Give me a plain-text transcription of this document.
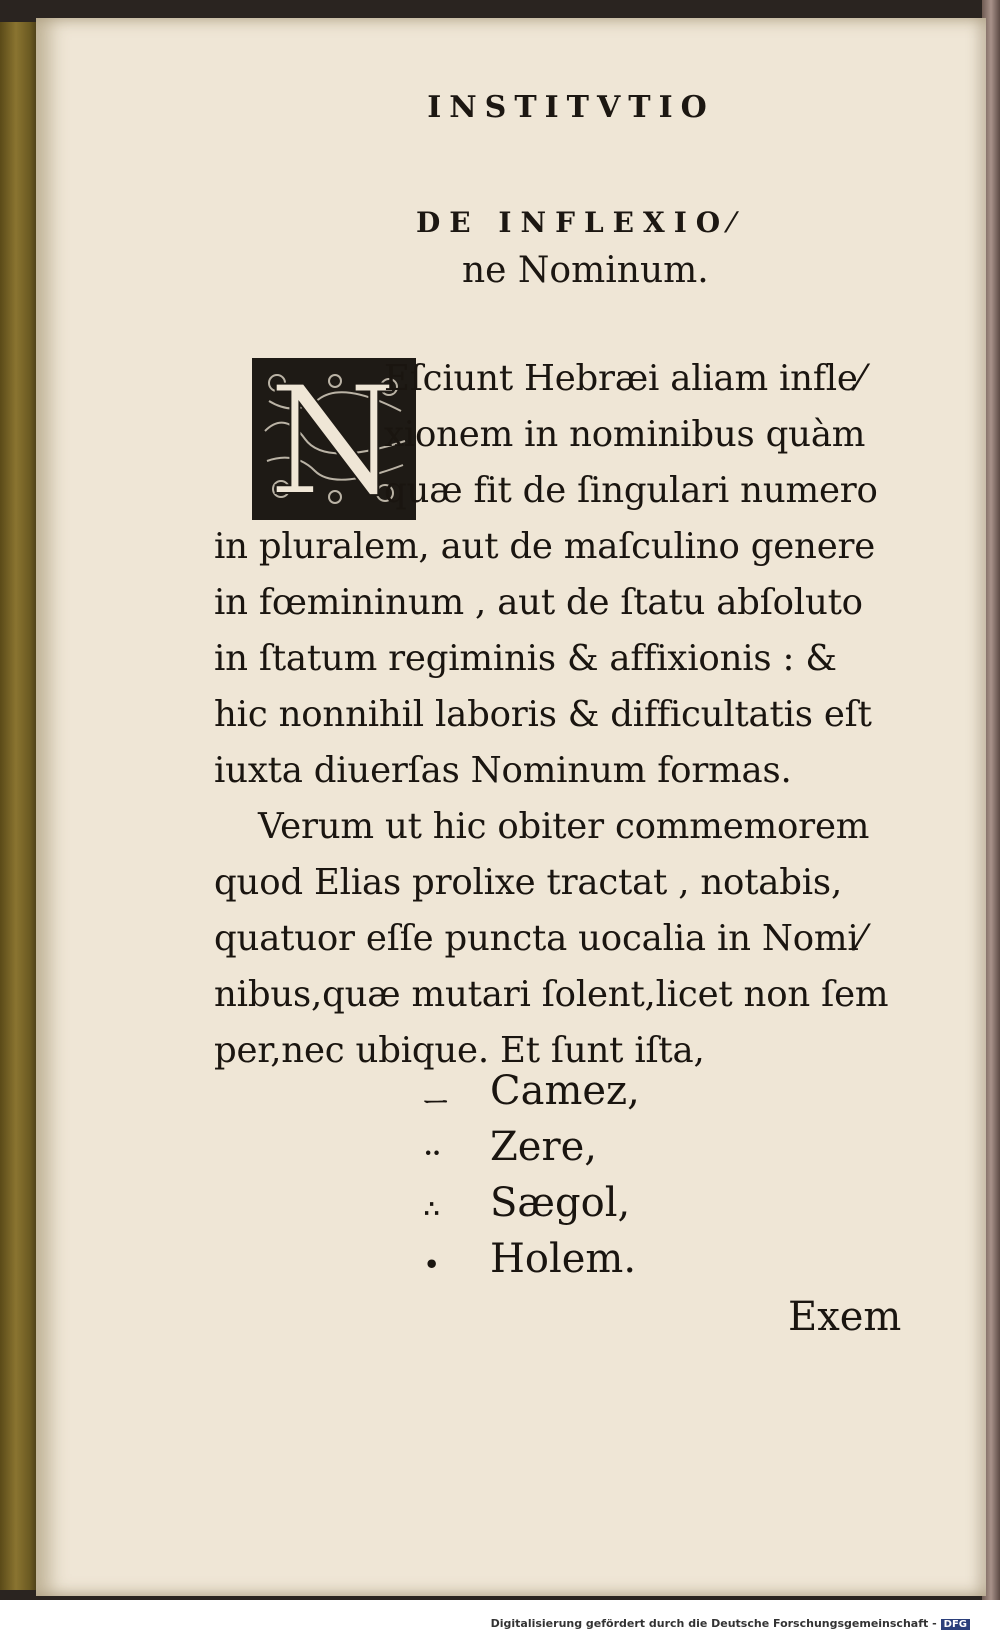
INSTITVTIO
DE INFLEXIO⁄
ne Nominum.
N
Eſciunt Hebræi aliam infle⁄
xionem in nominibus quàm
quæ fit de ſingulari numero
in pluralem, aut de maſculino genere
in fœmininum , aut de ſtatu abſoluto
in ſtatum regiminis & affixionis : &
hic nonnihil laboris & difficultatis eſt
iuxta diuerſas Nominum formas.
Verum ut hic obiter commemorem
quod Elias prolixe tractat , notabis,
quatuor eſſe puncta uocalia in Nomi⁄
nibus,quæ mutari ſolent,licet non ſem
per,nec ubique. Et ſunt iſta,
ᅳ Camez,
·· Zere,
∴ Sægol,
• Holem.
Exem
Digitalisierung gefördert durch die Deutsche Forschungsgemeinschaft - DFG
